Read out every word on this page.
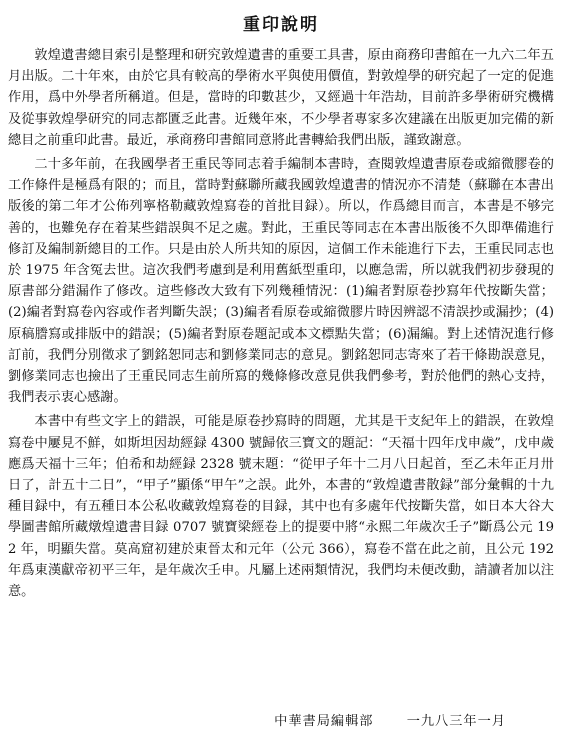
重印說明

敦煌遺書總目索引是整理和研究敦煌遺書的重要工具書，原由商務印書館在一九六二年五月出版。二十年來，由於它具有較高的學術水平與使用價值，對敦煌學的研究起了一定的促進作用，爲中外學者所稱道。但是，當時的印數甚少，又經過十年浩劫，目前許多學術研究機構及從事敦煌學研究的同志都匱乏此書。近幾年來，不少學者專家多次建議在出版更加完備的新總目之前重印此書。最近，承商務印書館同意將此書轉給我們出版，謹致謝意。

二十多年前，在我國學者王重民等同志着手編制本書時，查閱敦煌遺書原卷或縮微膠卷的工作條件是極爲有限的；而且，當時對蘇聯所藏我國敦煌遺書的情況亦不清楚（蘇聯在本書出版後的第二年才公佈列寧格勒藏敦煌寫卷的首批目録）。所以，作爲總目而言，本書是不够完善的，也難免存在着某些錯誤與不足之處。對此，王重民等同志在本書出版後不久即準備進行修訂及編制新總目的工作。只是由於人所共知的原因，這個工作未能進行下去，王重民同志也於 1975 年含冤去世。這次我們考慮到是利用舊紙型重印，以應急需，所以就我們初步發現的原書部分錯漏作了修改。這些修改大致有下列幾種情況：(1)編者對原卷抄寫年代按斷失當；(2)編者對寫卷內容或作者判斷失誤；(3)編者看原卷或縮微膠片時因辨認不清誤抄或漏抄；(4)原稿謄寫或排版中的錯誤；(5)編者對原卷題記或本文標點失當；(6)漏編。對上述情況進行修訂前，我們分別徵求了劉銘恕同志和劉修業同志的意見。劉銘恕同志寄來了若干條勘誤意見，劉修業同志也撿出了王重民同志生前所寫的幾條修改意見供我們參考，對於他們的熱心支持，我們表示衷心感謝。

本書中有些文字上的錯誤，可能是原卷抄寫時的問題，尤其是干支紀年上的錯誤，在敦煌寫卷中屢見不鮮，如斯坦因劫經録 4300 號歸依三寶文的題記：“天福十四年戊申歲”，戊申歲應爲天福十三年；伯希和劫經録 2328 號末題：“從甲子年十二月八日起首，至乙未年正月卅日了，計五十二日”，“甲子”顯係“甲午”之誤。此外，本書的“敦煌遺書散録”部分彙輯的十九種目録中，有五種日本公私收藏敦煌寫卷的目録，其中也有多處年代按斷失當，如日本大谷大學圖書館所藏燉煌遺書目録 0707 號寶梁經卷上的提要中將“永熙二年歲次壬子”斷爲公元 192 年，明顯失當。莫高窟初建於東晉太和元年（公元 366），寫卷不當在此之前，且公元 192 年爲東漢獻帝初平三年，是年歲次壬申。凡屬上述兩類情況，我們均未便改動，請讀者加以注意。

中華書局編輯部	一九八三年一月
